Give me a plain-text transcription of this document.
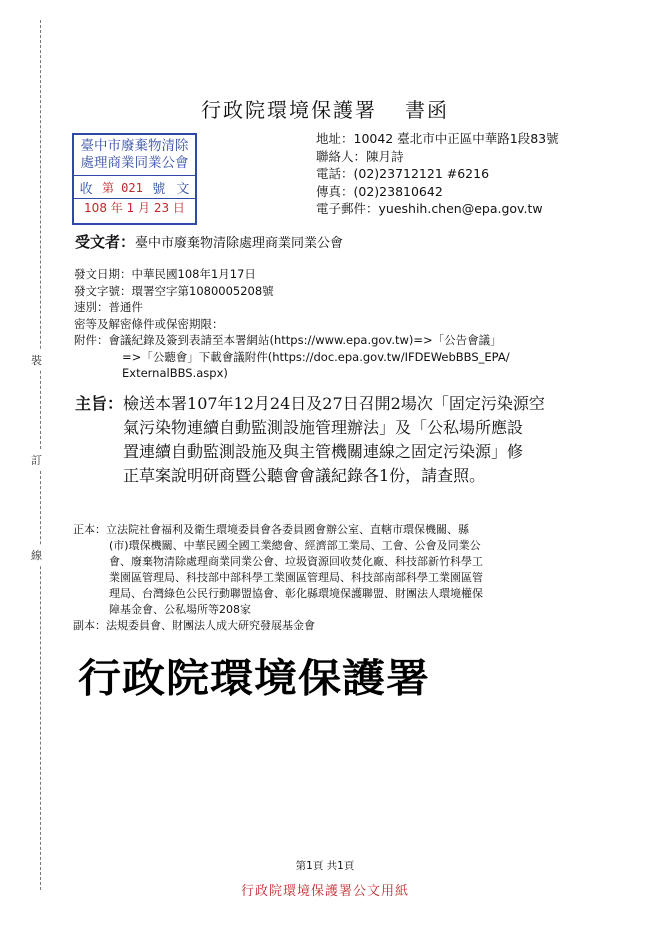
裝
訂
線
行政院環境保護署 書函
臺中市廢棄物清除
處理商業同業公會
收 第 021 號 文
108 年 1 月 23 日
地址：10042 臺北市中正區中華路1段83號
聯絡人：陳月詩
電話：(02)23712121 #6216
傳真：(02)23810642
電子郵件：yueshih.chen@epa.gov.tw
受文者：臺中市廢棄物清除處理商業同業公會
發文日期：中華民國108年1月17日
發文字號：環署空字第1080005208號
速別：普通件
密等及解密條件或保密期限：
附件：會議紀錄及簽到表請至本署網站(https://www.epa.gov.tw)=>「公告會議」
=>「公聽會」下載會議附件(https://doc.epa.gov.tw/IFDEWebBBS_EPA/
ExternalBBS.aspx)
主旨：檢送本署107年12月24日及27日召開2場次「固定污染源空
氣污染物連續自動監測設施管理辦法」及「公私場所應設
置連續自動監測設施及與主管機關連線之固定污染源」修
正草案說明研商暨公聽會會議紀錄各1份，請查照。
正本：立法院社會福利及衛生環境委員會各委員國會辦公室、直轄市環保機關、縣
(市)環保機關、中華民國全國工業總會、經濟部工業局、工會、公會及同業公
會、廢棄物清除處理商業同業公會、垃圾資源回收焚化廠、科技部新竹科學工
業園區管理局、科技部中部科學工業園區管理局、科技部南部科學工業園區管
理局、台灣綠色公民行動聯盟協會、彰化縣環境保護聯盟、財團法人環境權保
障基金會、公私場所等208家
副本：法規委員會、財團法人成大研究發展基金會
行政院環境保護署
第1頁 共1頁
行政院環境保護署公文用紙
